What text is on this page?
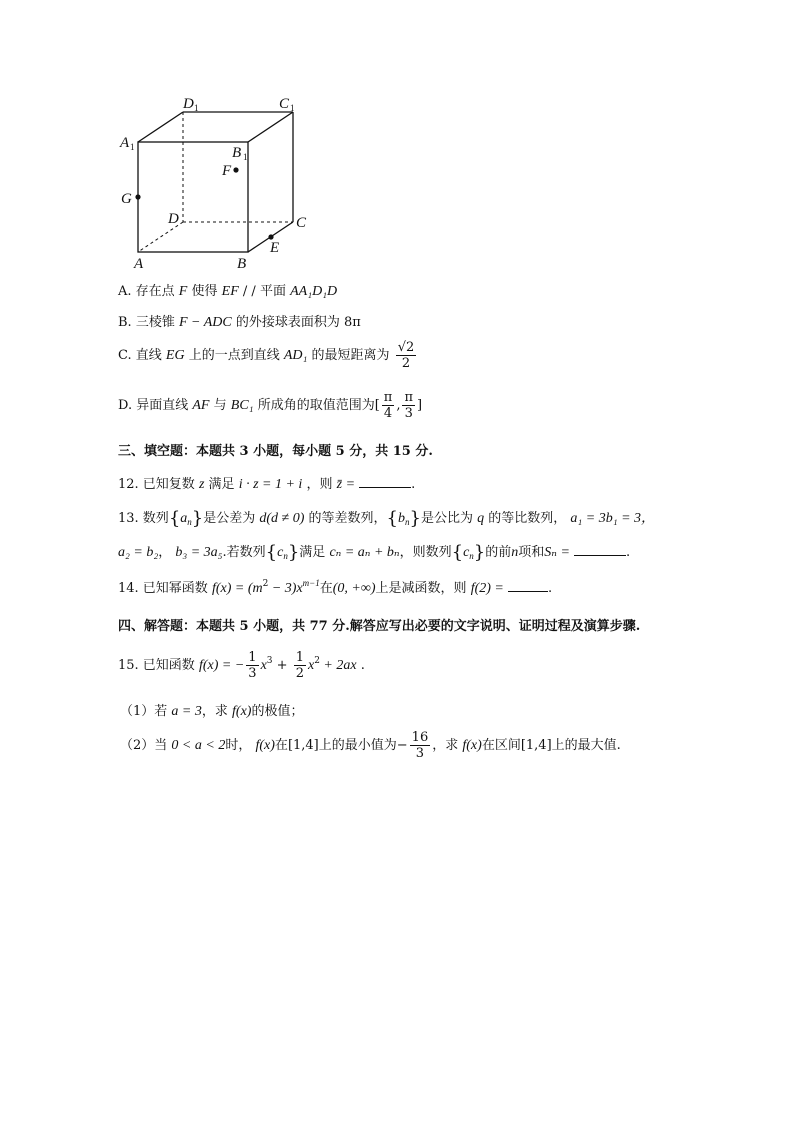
A 1
D 1	C 1
B 1
F
G
D	C
E
A	B
A. 存在点 F 使得 EF / / 平面 AA₁D₁D
B. 三棱锥 F − ADC 的外接球表面积为 8π
C. 直线 EG 上的一点到直线 AD₁ 的最短距离为 $\frac{√2}{2}$
D. 异面直线 AF 与 BC₁ 所成角的取值范围为[ $\frac{\pi}{4}$ , $\frac{\pi}{3}$ ]
三、填空题：本题共 3 小题，每小题 5 分，共 15 分.
12. 已知复数 z 满足 i · z = 1 + i ，则 z̄ =	.
13. 数列$\{a_n\}$是公差为 d(d ≠ 0) 的等差数列，$\{b_n\}$是公比为 q 的等比数列， a₁ = 3b₁ = 3，
a₂ = b₂， b₃ = 3a₅.若数列$\{c_n\}$满足 cₙ = aₙ + bₙ，则数列$\{c_n\}$的前n项和Sₙ =	.
14. 已知幂函数 $f(x) = (m^2 - 3)x^{m-1}$在(0, +∞)上是减函数，则 f(2) =	.
四、解答题：本题共 5 小题，共 77 分.解答应写出必要的文字说明、证明过程及演算步骤.
15. 已知函数 f(x) = − $\frac{1}{3} x^3 + \frac{1}{2} x^2 + 2ax$ .
（1）若 a = 3，求 f(x)的极值；
（2）当 0 < a < 2时， f(x)在[1,4]上的最小值为− $\frac{16}{3}$ ，求 f(x)在区间[1,4]上的最大值.
